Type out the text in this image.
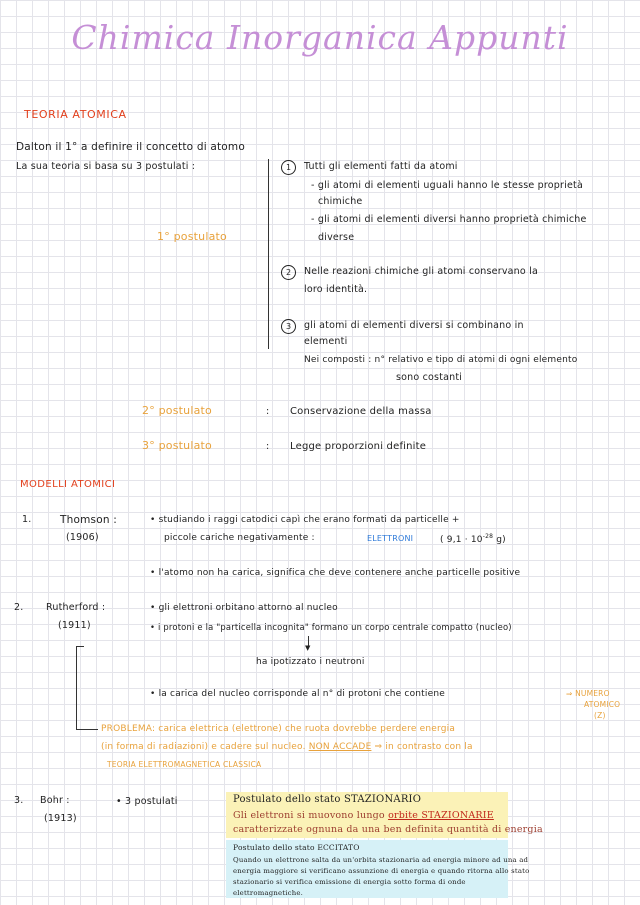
Chimica Inorganica Appunti
TEORIA ATOMICA
Dalton il 1° a definire il concetto di atomo
La sua teoria si basa su 3 postulati :	1	Tutti gli elementi fatti da atomi
- gli atomi di elementi uguali hanno le stesse proprietà
chimiche
- gli atomi di elementi diversi hanno proprietà chimiche
diverse
1° postulato
2	Nelle reazioni chimiche gli atomi conservano la
loro identità.
3	gli atomi di elementi diversi si combinano in
elementi
Nei composti : n° relativo e tipo di atomi di ogni elemento
sono costanti
2° postulato	: Conservazione della massa
3° postulato	: Legge proporzioni definite
MODELLI ATOMICI
1.	Thomson :
(1906)
• studiando i raggi catodici capì che erano formati da particelle +
piccole cariche negativamente :	ELETTRONI	( $9,1 \cdot 10^{-28}$ g)
• l'atomo non ha carica, significa che deve contenere anche particelle positive
2. Rutherford :
(1911)
• gli elettroni orbitano attorno al nucleo
• i protoni e la "particella incognita" formano un corpo centrale compatto (nucleo)
▼
ha ipotizzato i neutroni
• la carica del nucleo corrisponde al n° di protoni che contiene	⇒ NUMERO
ATOMICO
(Z)
PROBLEMA: carica elettrica (elettrone) che ruota dovrebbe perdere energia
(in forma di radiazioni) e cadere sul nucleo. NON ACCADE ⇒ in contrasto con la
TEORIA ELETTROMAGNETICA CLASSICA
3. Bohr :
(1913)
• 3 postulati	Postulato dello stato STAZIONARIO
Gli elettroni si muovono lungo orbite STAZIONARIE
caratterizzate ognuna da una ben definita quantità di energia
Postulato dello stato ECCITATO
Quando un elettrone salta da un'orbita stazionaria ad energia minore ad una ad
energia maggiore si verificano assunzione di energia e quando ritorna allo stato
stazionario si verifica emissione di energia sotto forma di onde
elettromagnetiche.
